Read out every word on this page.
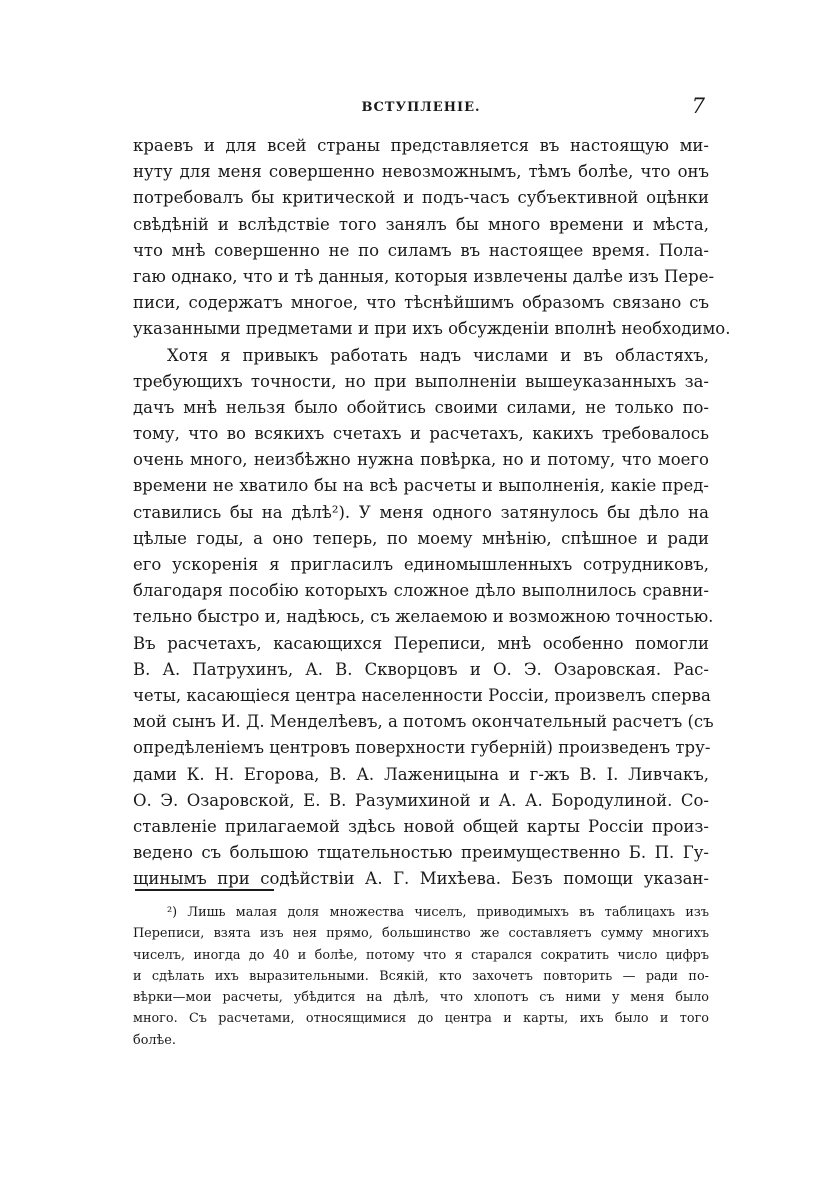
ВСТУПЛЕНІЕ.	7
краевъ и для всей страны представляется въ настоящую ми-
нуту для меня совершенно невозможнымъ, тѣмъ болѣе, что онъ
потребовалъ бы критической и подъ-часъ субъективной оцѣнки
свѣдѣній и вслѣдствіе того занялъ бы много времени и мѣста,
что мнѣ совершенно не по силамъ въ настоящее время. Пола-
гаю однако, что и тѣ данныя, которыя извлечены далѣе изъ Пере-
писи, содержатъ многое, что тѣснѣйшимъ образомъ связано съ
указанными предметами и при ихъ обсужденіи вполнѣ необходимо.
Хотя я привыкъ работать надъ числами и въ областяхъ,
требующихъ точности, но при выполненіи вышеуказанныхъ за-
дачъ мнѣ нельзя было обойтись своими силами, не только по-
тому, что во всякихъ счетахъ и расчетахъ, какихъ требовалось
очень много, неизбѣжно нужна повѣрка, но и потому, что моего
времени не хватило бы на всѣ расчеты и выполненія, какіе пред-
ставились бы на дѣлѣ²). У меня одного затянулось бы дѣло на
цѣлые годы, а оно теперь, по моему мнѣнію, спѣшное и ради
его ускоренія я пригласилъ единомышленныхъ сотрудниковъ,
благодаря пособію которыхъ сложное дѣло выполнилось сравни-
тельно быстро и, надѣюсь, съ желаемою и возможною точностью.
Въ расчетахъ, касающихся Переписи, мнѣ особенно помогли
В. А. Патрухинъ, А. В. Скворцовъ и О. Э. Озаровская. Рас-
четы, касающіеся центра населенности Россіи, произвелъ сперва
мой сынъ И. Д. Менделѣевъ, а потомъ окончательный расчетъ (съ
опредѣленіемъ центровъ поверхности губерній) произведенъ тру-
дами К. Н. Егорова, В. А. Лаженицына и г-жъ В. І. Ливчакъ,
О. Э. Озаровской, Е. В. Разумихиной и А. А. Бородулиной. Со-
ставленіе прилагаемой здѣсь новой общей карты Россіи произ-
ведено съ большою тщательностью преимущественно Б. П. Гу-
щинымъ при содѣйствіи А. Г. Михѣева. Безъ помощи указан-
²) Лишь малая доля множества чиселъ, приводимыхъ въ таблицахъ изъ
Переписи, взята изъ нея прямо, большинство же составляетъ сумму многихъ
чиселъ, иногда до 40 и болѣе, потому что я старался сократить число цифръ
и сдѣлать ихъ выразительными. Всякій, кто захочетъ повторить — ради по-
вѣрки—мои расчеты, убѣдится на дѣлѣ, что хлопотъ съ ними у меня было
много. Съ расчетами, относящимися до центра и карты, ихъ было и того
болѣе.
